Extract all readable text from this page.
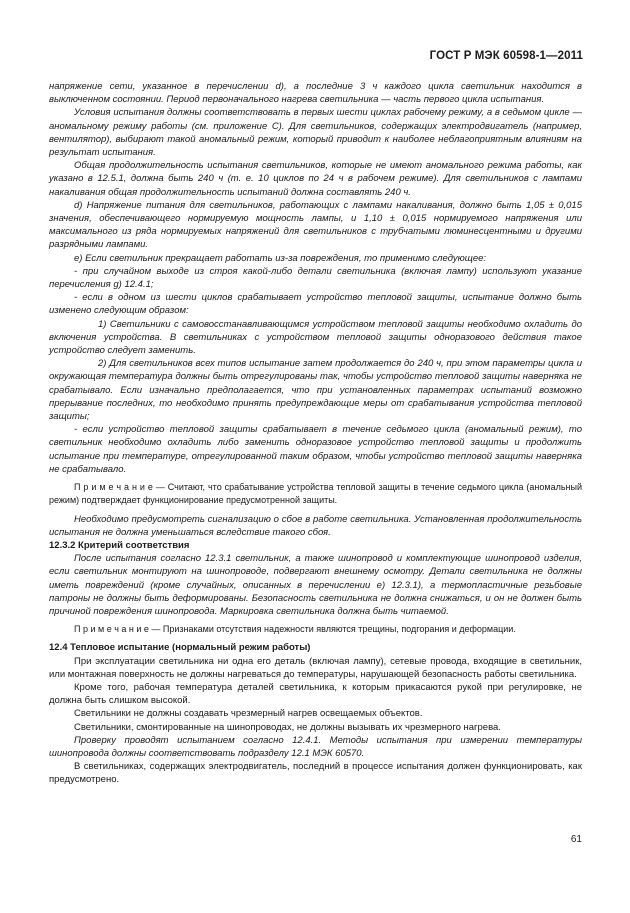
ГОСТ Р МЭК 60598-1—2011

напряжение сети, указанное в перечислении d), а последние 3 ч каждого цикла светильник находится в выключенном состоянии. Период первоначального нагрева светильника — часть первого цикла испытания.

Условия испытания должны соответствовать в первых шести циклах рабочему режиму, а в седьмом цикле — аномальному режиму работы (см. приложение С). Для светильников, содержащих электродвигатель (например, вентилятор), выбирают такой аномальный режим, который приводит к наиболее неблагоприятным влияниям на результат испытания.

Общая продолжительность испытания светильников, которые не имеют аномального режима работы, как указано в 12.5.1, должна быть 240 ч (т. е. 10 циклов по 24 ч в рабочем режиме). Для светильников с лампами накаливания общая продолжительность испытаний должна составлять 240 ч.

d) Напряжение питания для светильников, работающих с лампами накаливания, должно быть 1,05 ± 0,015 значения, обеспечивающего нормируемую мощность лампы, и 1,10 ± 0,015 нормируемого напряжения или максимального из ряда нормируемых напряжений для светильников с трубчатыми люминесцентными и другими разрядными лампами.

е) Если светильник прекращает работать из-за повреждения, то применимо следующее:

- при случайном выходе из строя какой-либо детали светильника (включая лампу) используют указание перечисления g) 12.4.1;

- если в одном из шести циклов срабатывает устройство тепловой защиты, испытание должно быть изменено следующим образом:

1) Светильники с самовосстанавливающимся устройством тепловой защиты необходимо охладить до включения устройства. В светильниках с устройством тепловой защиты одноразового действия такое устройство следует заменить.

2) Для светильников всех типов испытание затем продолжается до 240 ч, при этом параметры цикла и окружающая температура должны быть отрегулированы так, чтобы устройство тепловой защиты наверняка не срабатывало. Если изначально предполагается, что при установленных параметрах испытаний возможно прерывание последних, то необходимо принять предупреждающие меры от срабатывания устройства тепловой защиты;

- если устройство тепловой защиты срабатывает в течение седьмого цикла (аномальный режим), то светильник необходимо охладить либо заменить одноразовое устройство тепловой защиты и продолжить испытание при температуре, отрегулированной таким образом, чтобы устройство тепловой защиты наверняка не срабатывало.

П р и м е ч а н и е — Считают, что срабатывание устройства тепловой защиты в течение седьмого цикла (аномальный режим) подтверждает функционирование предусмотренной защиты.

Необходимо предусмотреть сигнализацию о сбое в работе светильника. Установленная продолжительность испытания не должна уменьшаться вследствие такого сбоя.

12.3.2 Критерий соответствия

После испытания согласно 12.3.1 светильник, а также шинопровод и комплектующие шинопровод изделия, если светильник монтируют на шинопроводе, подвергают внешнему осмотру. Детали светильника не должны иметь повреждений (кроме случайных, описанных в перечислении е) 12.3.1), а термопластичные резьбовые патроны не должны быть деформированы. Безопасность светильника не должна снижаться, и он не должен быть причиной повреждения шинопровода. Маркировка светильника должна быть читаемой.

П р и м е ч а н и е — Признаками отсутствия надежности являются трещины, подгорания и деформации.

12.4 Тепловое испытание (нормальный режим работы)

При эксплуатации светильника ни одна его деталь (включая лампу), сетевые провода, входящие в светильник, или монтажная поверхность не должны нагреваться до температуры, нарушающей безопасность работы светильника.

Кроме того, рабочая температура деталей светильника, к которым прикасаются рукой при регулировке, не должна быть слишком высокой.

Светильники не должны создавать чрезмерный нагрев освещаемых объектов.

Светильники, смонтированные на шинопроводах, не должны вызывать их чрезмерного нагрева.

Проверку проводят испытанием согласно 12.4.1. Методы испытания при измерении температуры шинопровода должны соответствовать подразделу 12.1 МЭК 60570.

В светильниках, содержащих электродвигатель, последний в процессе испытания должен функционировать, как предусмотрено.

61
